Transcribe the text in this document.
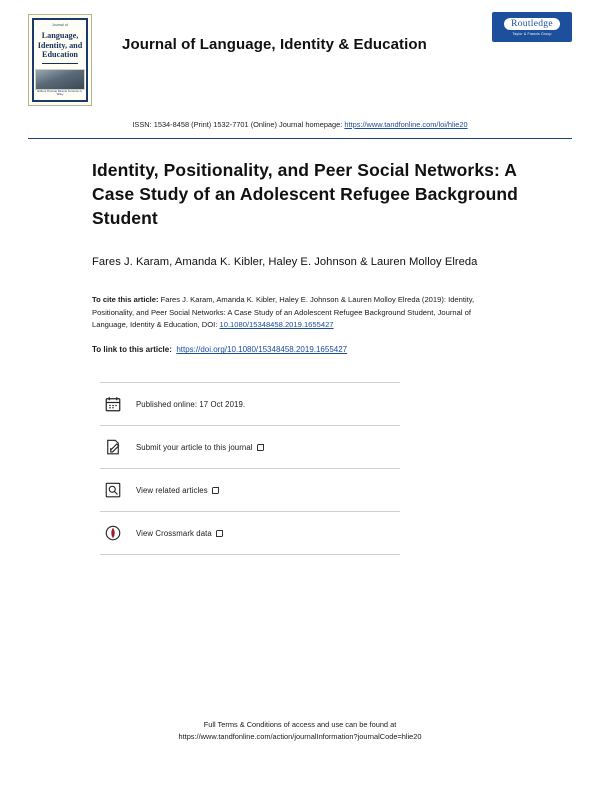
Journal of
Language, Identity, and Education
Editors Thomas Ricento Terrence G. Wiley
Journal of Language, Identity & Education
Routledge
Taylor & Francis Group
ISSN: 1534-8458 (Print) 1532-7701 (Online) Journal homepage: https://www.tandfonline.com/loi/hlie20
Identity, Positionality, and Peer Social Networks: A Case Study of an Adolescent Refugee Background Student
Fares J. Karam, Amanda K. Kibler, Haley E. Johnson & Lauren Molloy Elreda
To cite this article: Fares J. Karam, Amanda K. Kibler, Haley E. Johnson & Lauren Molloy Elreda (2019): Identity, Positionality, and Peer Social Networks: A Case Study of an Adolescent Refugee Background Student, Journal of Language, Identity & Education, DOI: 10.1080/15348458.2019.1655427
To link to this article: https://doi.org/10.1080/15348458.2019.1655427
Published online: 17 Oct 2019.
Submit your article to this journal
View related articles
View Crossmark data
Full Terms & Conditions of access and use can be found at
https://www.tandfonline.com/action/journalInformation?journalCode=hlie20
